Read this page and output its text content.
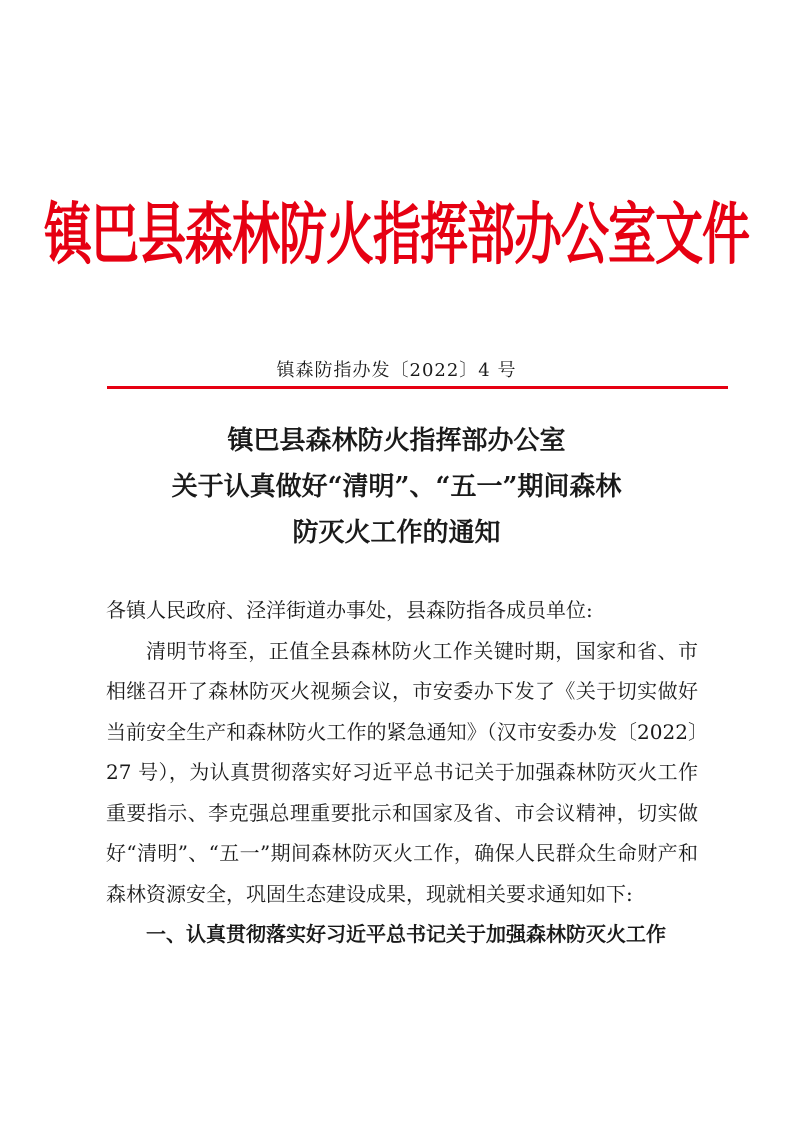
镇巴县森林防火指挥部办公室文件
镇森防指办发〔2022〕4 号
镇巴县森林防火指挥部办公室
关于认真做好“清明”、“五一”期间森林
防灭火工作的通知
各镇人民政府、泾洋街道办事处，县森防指各成员单位:

清明节将至，正值全县森林防火工作关键时期，国家和省、市相继召开了森林防灭火视频会议，市安委办下发了《关于切实做好当前安全生产和森林防火工作的紧急通知》（汉市安委办发〔2022〕27 号），为认真贯彻落实好习近平总书记关于加强森林防灭火工作重要指示、李克强总理重要批示和国家及省、市会议精神，切实做好“清明”、“五一”期间森林防灭火工作，确保人民群众生命财产和森林资源安全，巩固生态建设成果，现就相关要求通知如下:

一、认真贯彻落实好习近平总书记关于加强森林防灭火工作
